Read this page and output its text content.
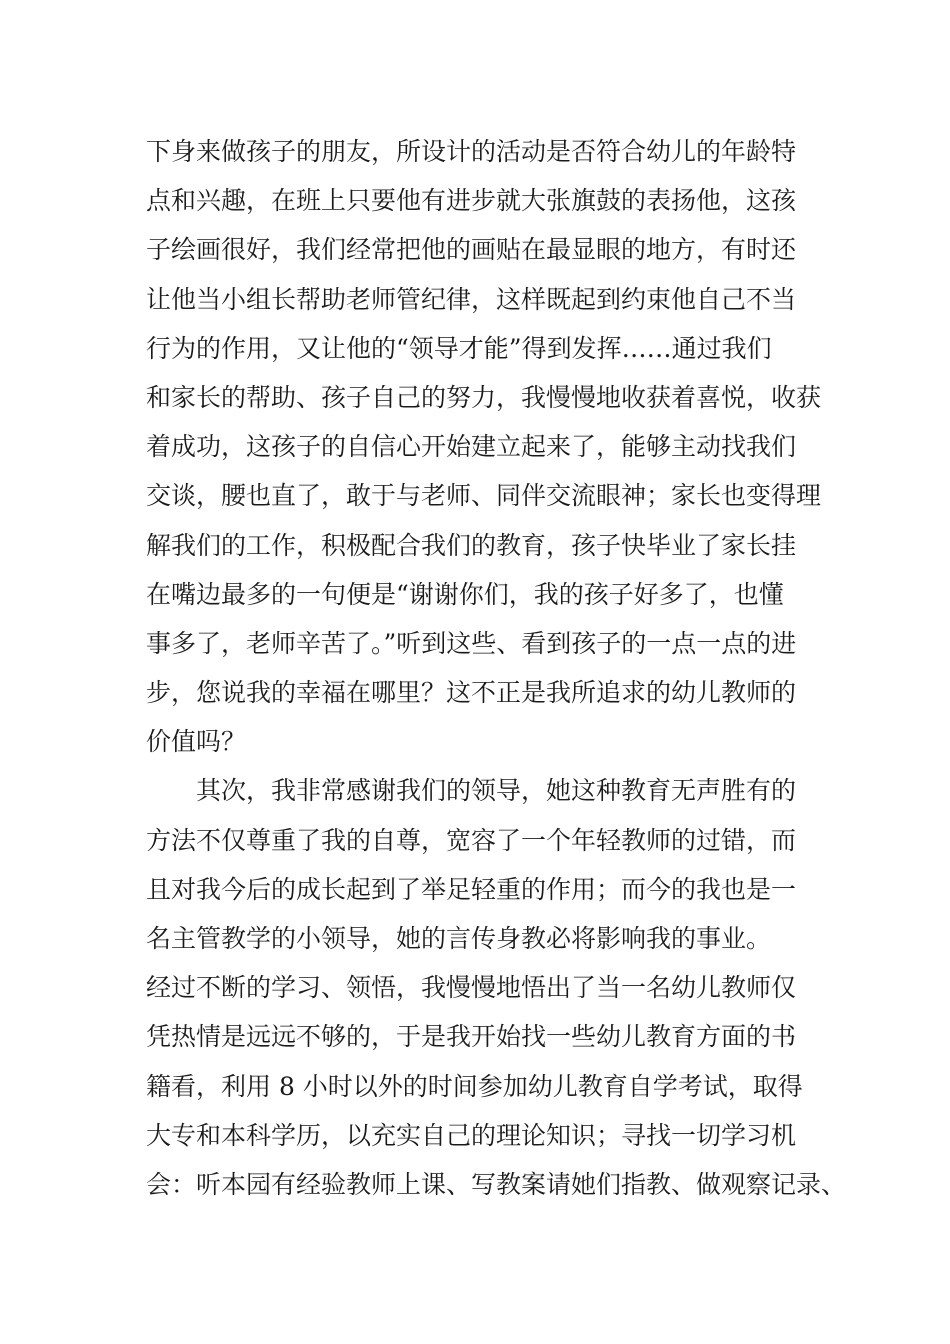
下身来做孩子的朋友，所设计的活动是否符合幼儿的年龄特
点和兴趣，在班上只要他有进步就大张旗鼓的表扬他，这孩
子绘画很好，我们经常把他的画贴在最显眼的地方，有时还
让他当小组长帮助老师管纪律，这样既起到约束他自己不当
行为的作用，又让他的“领导才能”得到发挥……通过我们
和家长的帮助、孩子自己的努力，我慢慢地收获着喜悦，收获
着成功，这孩子的自信心开始建立起来了，能够主动找我们
交谈，腰也直了，敢于与老师、同伴交流眼神；家长也变得理
解我们的工作，积极配合我们的教育，孩子快毕业了家长挂
在嘴边最多的一句便是“谢谢你们，我的孩子好多了，也懂
事多了，老师辛苦了。”听到这些、看到孩子的一点一点的进
步，您说我的幸福在哪里？这不正是我所追求的幼儿教师的
价值吗？
其次，我非常感谢我们的领导，她这种教育无声胜有的
方法不仅尊重了我的自尊，宽容了一个年轻教师的过错，而
且对我今后的成长起到了举足轻重的作用；而今的我也是一
名主管教学的小领导，她的言传身教必将影响我的事业。
经过不断的学习、领悟，我慢慢地悟出了当一名幼儿教师仅
凭热情是远远不够的，于是我开始找一些幼儿教育方面的书
籍看，利用 8 小时以外的时间参加幼儿教育自学考试，取得
大专和本科学历，以充实自己的理论知识；寻找一切学习机
会：听本园有经验教师上课、写教案请她们指教、做观察记录、
